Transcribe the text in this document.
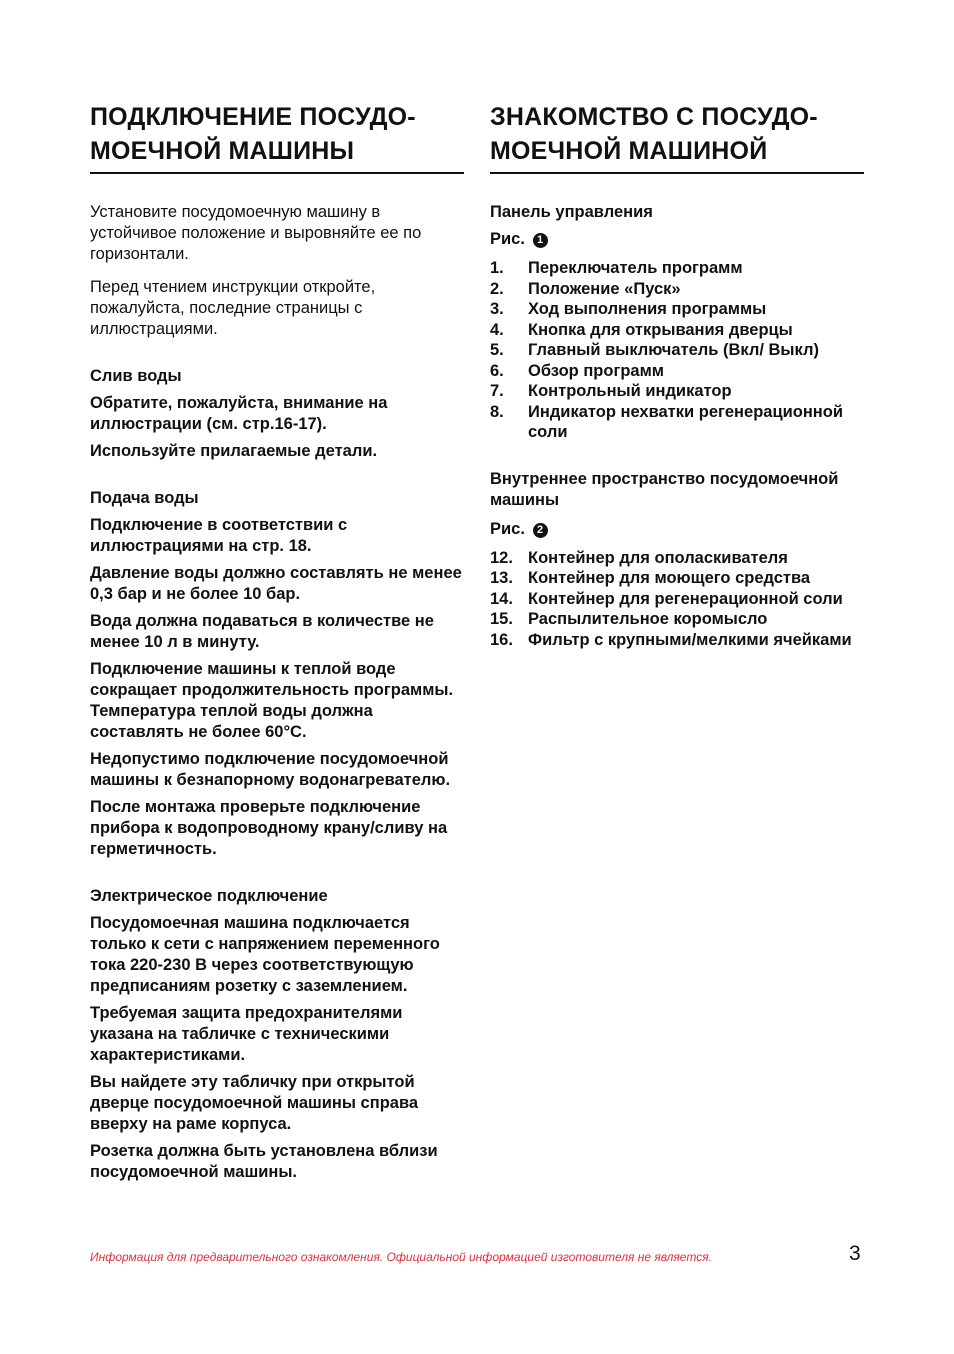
ПОДКЛЮЧЕНИЕ ПОСУДО-
МОЕЧНОЙ МАШИНЫ

Установите посудомоечную машину в устойчивое положение и выровняйте ее по горизонтали.

Перед чтением инструкции откройте, пожалуйста, последние страницы с иллюстрациями.

Слив воды

Обратите, пожалуйста, внимание на иллюстрации (см. стр.16-17).

Используйте прилагаемые детали.

Подача воды

Подключение в соответствии с иллюстрациями на стр. 18.

Давление воды должно составлять не менее 0,3 бар и не более 10 бар.

Вода должна подаваться в количестве не менее 10 л в минуту.

Подключение машины к теплой воде сокращает продолжительность программы. Температура теплой воды должна составлять не более 60°С.

Недопустимо подключение посудомоечной машины к безнапорному водонагревателю.

После монтажа проверьте подключение прибора к водопроводному крану/сливу на герметичность.

Электрическое подключение

Посудомоечная машина подключается только к сети с напряжением переменного тока 220-230 В через соответствующую предписаниям розетку с заземлением.

Требуемая защита предохранителями указана на табличке с техническими характеристиками.

Вы найдете эту табличку при открытой дверце посудомоечной машины справа вверху на раме корпуса.

Розетка должна быть установлена вблизи посудомоечной машины.

ЗНАКОМСТВО С ПОСУДО-
МОЕЧНОЙ МАШИНОЙ

Панель управления

Рис. 1

1.	Переключатель программ
2.	Положение «Пуск»
3.	Ход выполнения программы
4.	Кнопка для открывания дверцы
5.	Главный выключатель (Вкл/ Выкл)
6.	Обзор программ
7.	Контрольный индикатор
8.	Индикатор нехватки регенерационной соли

Внутреннее пространство посудомоечной машины

Рис. 2

12. Контейнер для ополаскивателя
13. Контейнер для моющего средства
14. Контейнер для регенерационной соли
15. Распылительное коромысло
16. Фильтр с крупными/мелкими ячейками
Информация для предварительного ознакомления. Официальной информацией изготовителя не является.	3
